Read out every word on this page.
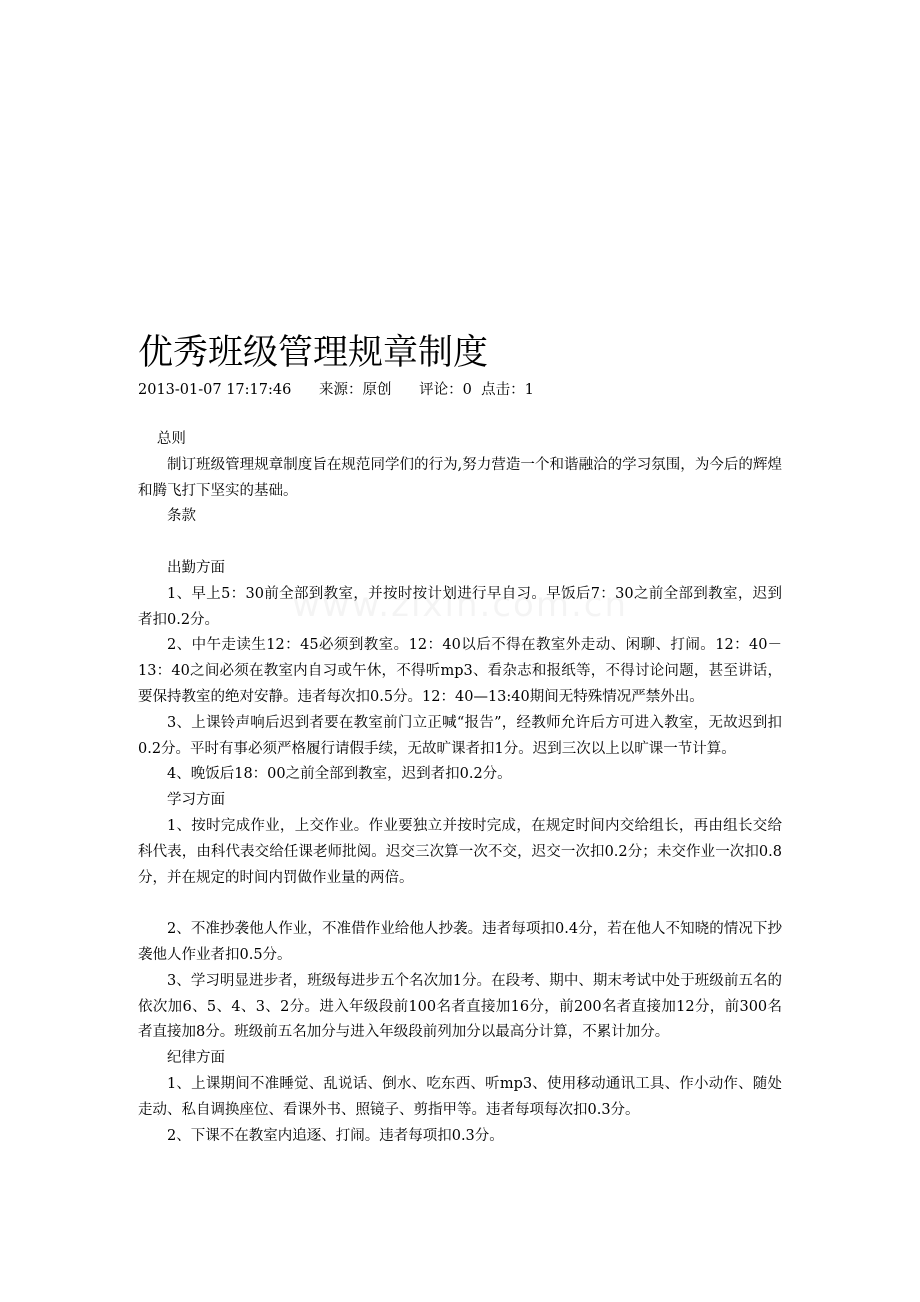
优秀班级管理规章制度
2013-01-07 17:17:46 来源：原创 评论：0 点击：1

总则

制订班级管理规章制度旨在规范同学们的行为,努力营造一个和谐融洽的学习氛围，为今后的辉煌和腾飞打下坚实的基础。

条款

出勤方面

1、早上5：30前全部到教室，并按时按计划进行早自习。早饭后7：30之前全部到教室，迟到者扣0.2分。

2、中午走读生12：45必须到教室。12：40以后不得在教室外走动、闲聊、打闹。12：40－13：40之间必须在教室内自习或午休，不得听mp3、看杂志和报纸等，不得讨论问题，甚至讲话，要保持教室的绝对安静。违者每次扣0.5分。12：40—13:40期间无特殊情况严禁外出。

3、上课铃声响后迟到者要在教室前门立正喊“报告”，经教师允许后方可进入教室，无故迟到扣0.2分。平时有事必须严格履行请假手续，无故旷课者扣1分。迟到三次以上以旷课一节计算。

4、晚饭后18：00之前全部到教室，迟到者扣0.2分。

学习方面

1、按时完成作业，上交作业。作业要独立并按时完成，在规定时间内交给组长，再由组长交给科代表，由科代表交给任课老师批阅。迟交三次算一次不交，迟交一次扣0.2分；未交作业一次扣0.8分，并在规定的时间内罚做作业量的两倍。

2、不准抄袭他人作业，不准借作业给他人抄袭。违者每项扣0.4分，若在他人不知晓的情况下抄袭他人作业者扣0.5分。

3、学习明显进步者，班级每进步五个名次加1分。在段考、期中、期末考试中处于班级前五名的依次加6、5、4、3、2分。进入年级段前100名者直接加16分，前200名者直接加12分，前300名者直接加8分。班级前五名加分与进入年级段前列加分以最高分计算，不累计加分。

纪律方面

1、上课期间不准睡觉、乱说话、倒水、吃东西、听mp3、使用移动通讯工具、作小动作、随处走动、私自调换座位、看课外书、照镜子、剪指甲等。违者每项每次扣0.3分。

2、下课不在教室内追逐、打闹。违者每项扣0.3分。
